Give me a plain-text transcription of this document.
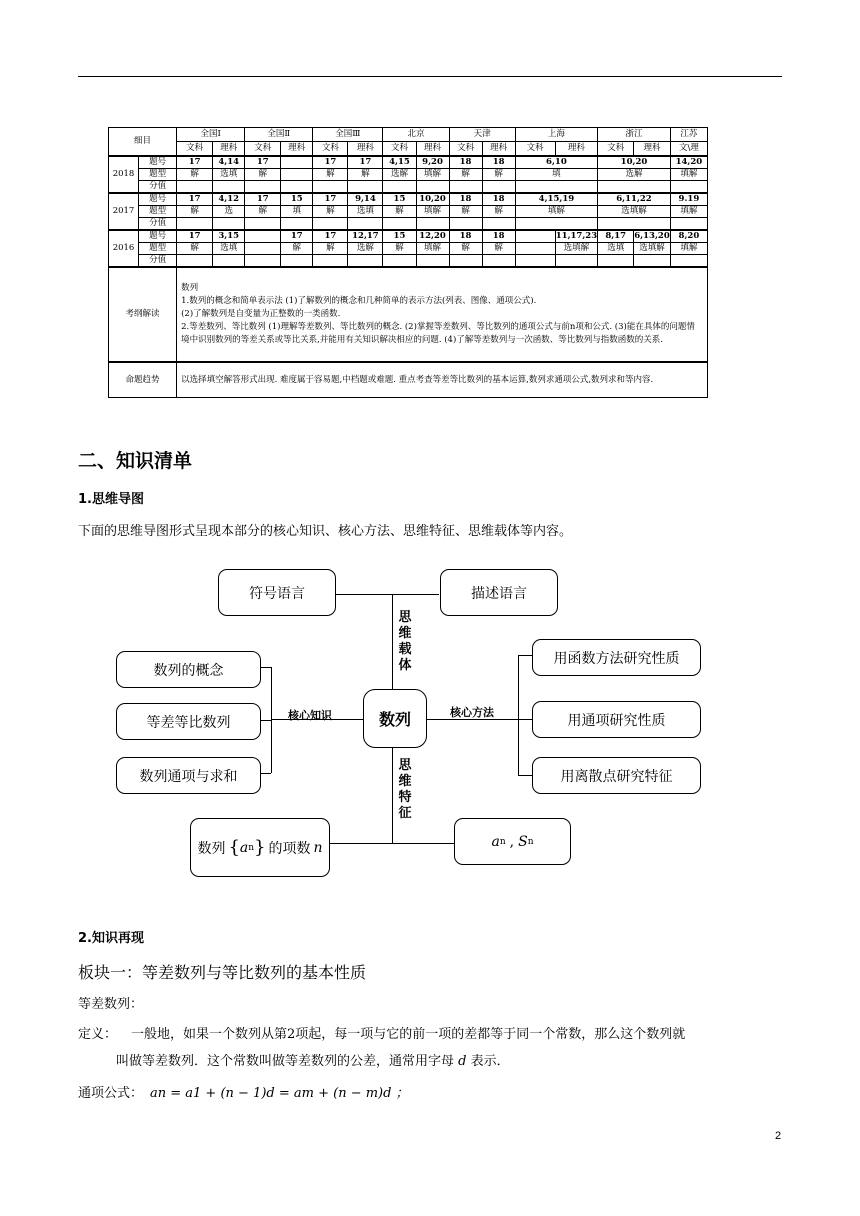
细目		全国Ⅰ		全国Ⅱ		全国Ⅲ		北京		天津		上海		浙江		江苏
		文科	理科	文科	理科	文科	理科	文科	理科	文科	理科	文科	理科	文科	理科	文\理
2018	题号	17	4,14	17		17	17	4,15	9,20	18	18	6,10		10,20		14,20
	题型	解	选填	解		解	解	选解	填解	解	解	填		选解		填解
	分值															
2017	题号	17	4,12	17	15	17	9,14	15	10,20	18	18	4,15,19		6,11,22		9.19
	题型	解	选	解	填	解	选填	解	填解	解	解	填解		选填解		填解
	分值															
2016	题号	17	3,15		17	17	12,17	15	12,20	18	18		11,17,23	8,17	6,13,20	8,20
	题型	解	选填		解	解	选解	解	填解	解	解		选填解	选填	选填解	填解
	分值															
考纲解读		数列
1.数列的概念和简单表示法 (1)了解数列的概念和几种简单的表示方法(列表、图像、通项公式).
(2)了解数列是自变量为正整数的一类函数.
2.等差数列、等比数列 (1)理解等差数列、等比数列的概念. (2)掌握等差数列、等比数列的通项公式与前n项和公式. (3)能在具体的问题情境中识别数列的等差关系或等比关系,并能用有关知识解决相应的问题. (4)了解等差数列与一次函数、等比数列与指数函数的关系.														

命题趋势		以选择填空解答形式出现. 难度属于容易题,中档题或难题. 重点考查等差等比数列的基本运算,数列求通项公式,数列求和等内容.														
二、知识清单
1.思维导图
下面的思维导图形式呈现本部分的核心知识、核心方法、思维特征、思维载体等内容。
符号语言	描述语言
数列的概念
等差等比数列
数列通项与求和
用函数方法研究性质
用通项研究性质
用离散点研究特征
数列
核心知识	核心方法
思维载体
思维特征
数列 { a n } 的项数 n	a n , S n
2.知识再现
板块一：等差数列与等比数列的基本性质
等差数列：
定义： 一般地，如果一个数列从第2项起，每一项与它的前一项的差都等于同一个常数，那么这个数列就
叫做等差数列．这个常数叫做等差数列的公差，通常用字母 d 表示．
通项公式： an = a1 + (n − 1)d = am + (n − m)d ；
2
